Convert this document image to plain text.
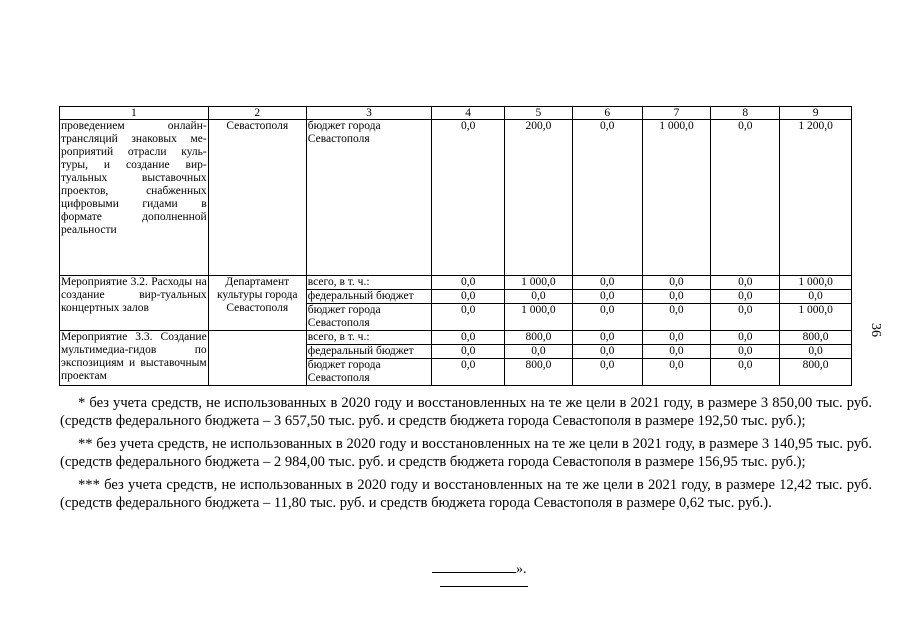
1	2	3	4	5	6	7	8	9
проведением онлайн-трансляций знаковых ме-роприятий отрасли куль-туры, и создание вир-туальных выставочных проектов, снабженных цифровыми гидами в формате дополненной реальности	Севастополя	бюджет города Севастополя	0,0	200,0	0,0	1 000,0	0,0	1 200,0
Мероприятие 3.2. Расходы на создание вир-туальных концертных залов	Департамент культуры города Севастополя	всего, в т. ч.:	0,0	1 000,0	0,0	0,0	0,0	1 000,0
		федеральный бюджет	0,0	0,0	0,0	0,0	0,0	0,0
		бюджет города Севастополя	0,0	1 000,0	0,0	0,0	0,0	1 000,0
Мероприятие 3.3. Создание мультимедиа-гидов по экспозициям и выставочным проектам		всего, в т. ч.:	0,0	800,0	0,0	0,0	0,0	800,0
		федеральный бюджет	0,0	0,0	0,0	0,0	0,0	0,0
		бюджет города Севастополя	0,0	800,0	0,0	0,0	0,0	800,0
36

* без учета средств, не использованных в 2020 году и восстановленных на те же цели в 2021 году, в размере 3 850,00 тыс. руб. (средств федерального бюджета – 3 657,50 тыс. руб. и средств бюджета города Севастополя в размере 192,50 тыс. руб.);

** без учета средств, не использованных в 2020 году и восстановленных на те же цели в 2021 году, в размере 3 140,95 тыс. руб. (средств федерального бюджета – 2 984,00 тыс. руб. и средств бюджета города Севастополя в размере 156,95 тыс. руб.);

*** без учета средств, не использованных в 2020 году и восстановленных на те же цели в 2021 году, в размере 12,42 тыс. руб. (средств федерального бюджета – 11,80 тыс. руб. и средств бюджета города Севастополя в размере 0,62 тыс. руб.).

».
